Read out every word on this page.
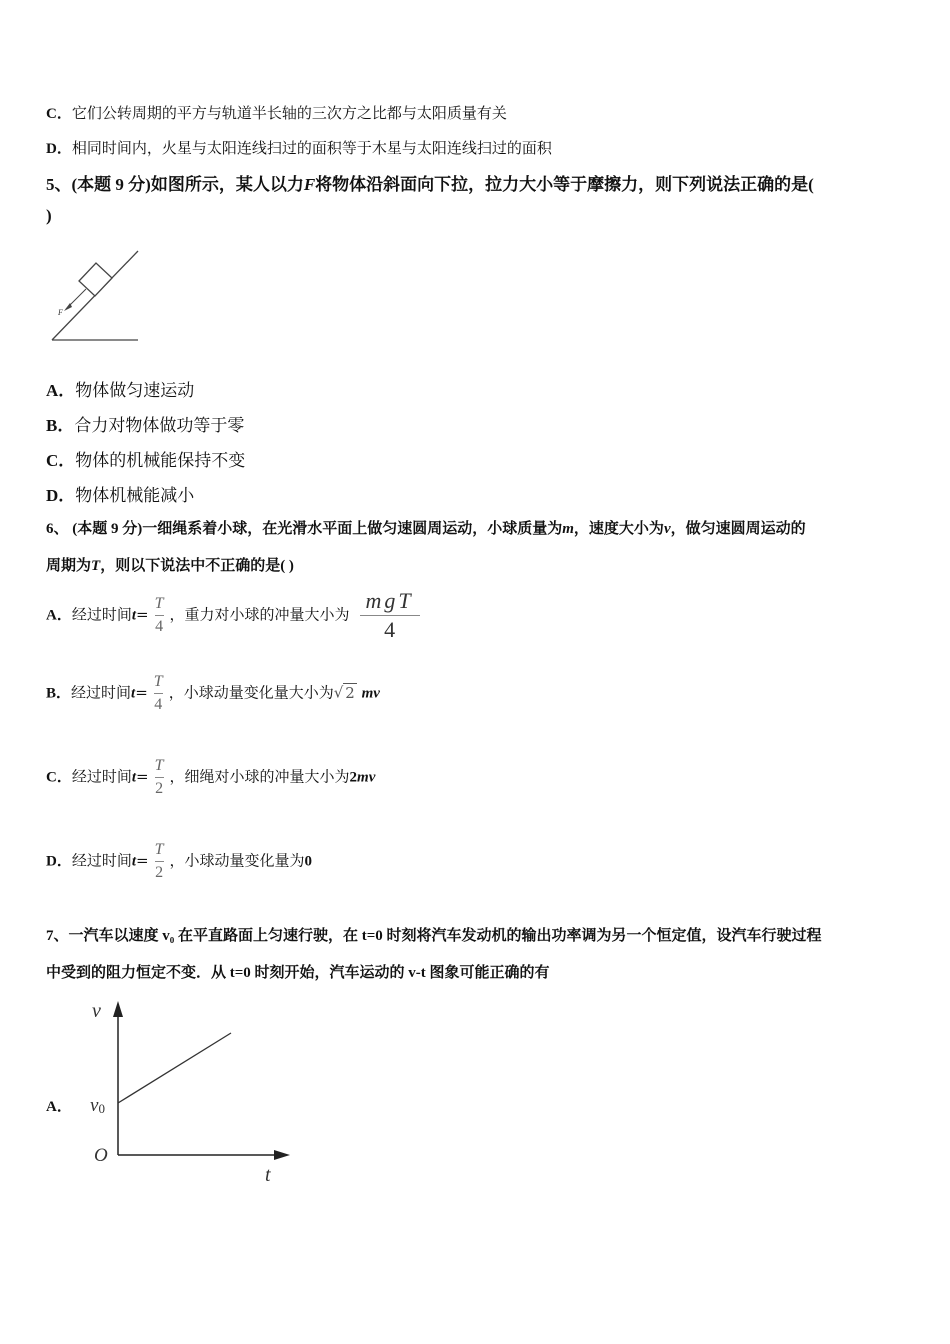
C．它们公转周期的平方与轨道半长轴的三次方之比都与太阳质量有关
D．相同时间内，火星与太阳连线扫过的面积等于木星与太阳连线扫过的面积
5、(本题 9 分)如图所示，某人以力F将物体沿斜面向下拉，拉力大小等于摩擦力，则下列说法正确的是(
)
F
A．物体做匀速运动
B．合力对物体做功等于零
C．物体的机械能保持不变
D．物体机械能减小
6、 (本题 9 分)一细绳系着小球，在光滑水平面上做匀速圆周运动，小球质量为m，速度大小为v，做匀速圆周运动的
周期为T，则以下说法中不正确的是( )
A．经过时间$t= \frac{T}{4}$ ，重力对小球的冲量大小为 $\frac{\text{mgT}}{4}$
B．经过时间$t= \frac{T}{4}$ ，小球动量变化量大小为√ 2 mv
C．经过时间$t= \frac{T}{2}$ ，细绳对小球的冲量大小为2mv
D．经过时间$t= \frac{T}{2}$ ，小球动量变化量为0
7、一汽车以速度 v₀ 在平直路面上匀速行驶，在 t=0 时刻将汽车发动机的输出功率调为另一个恒定值，设汽车行驶过程
中受到的阻力恒定不变．从 t=0 时刻开始，汽车运动的 v-t 图象可能正确的有
A．
v
t
O
v0
